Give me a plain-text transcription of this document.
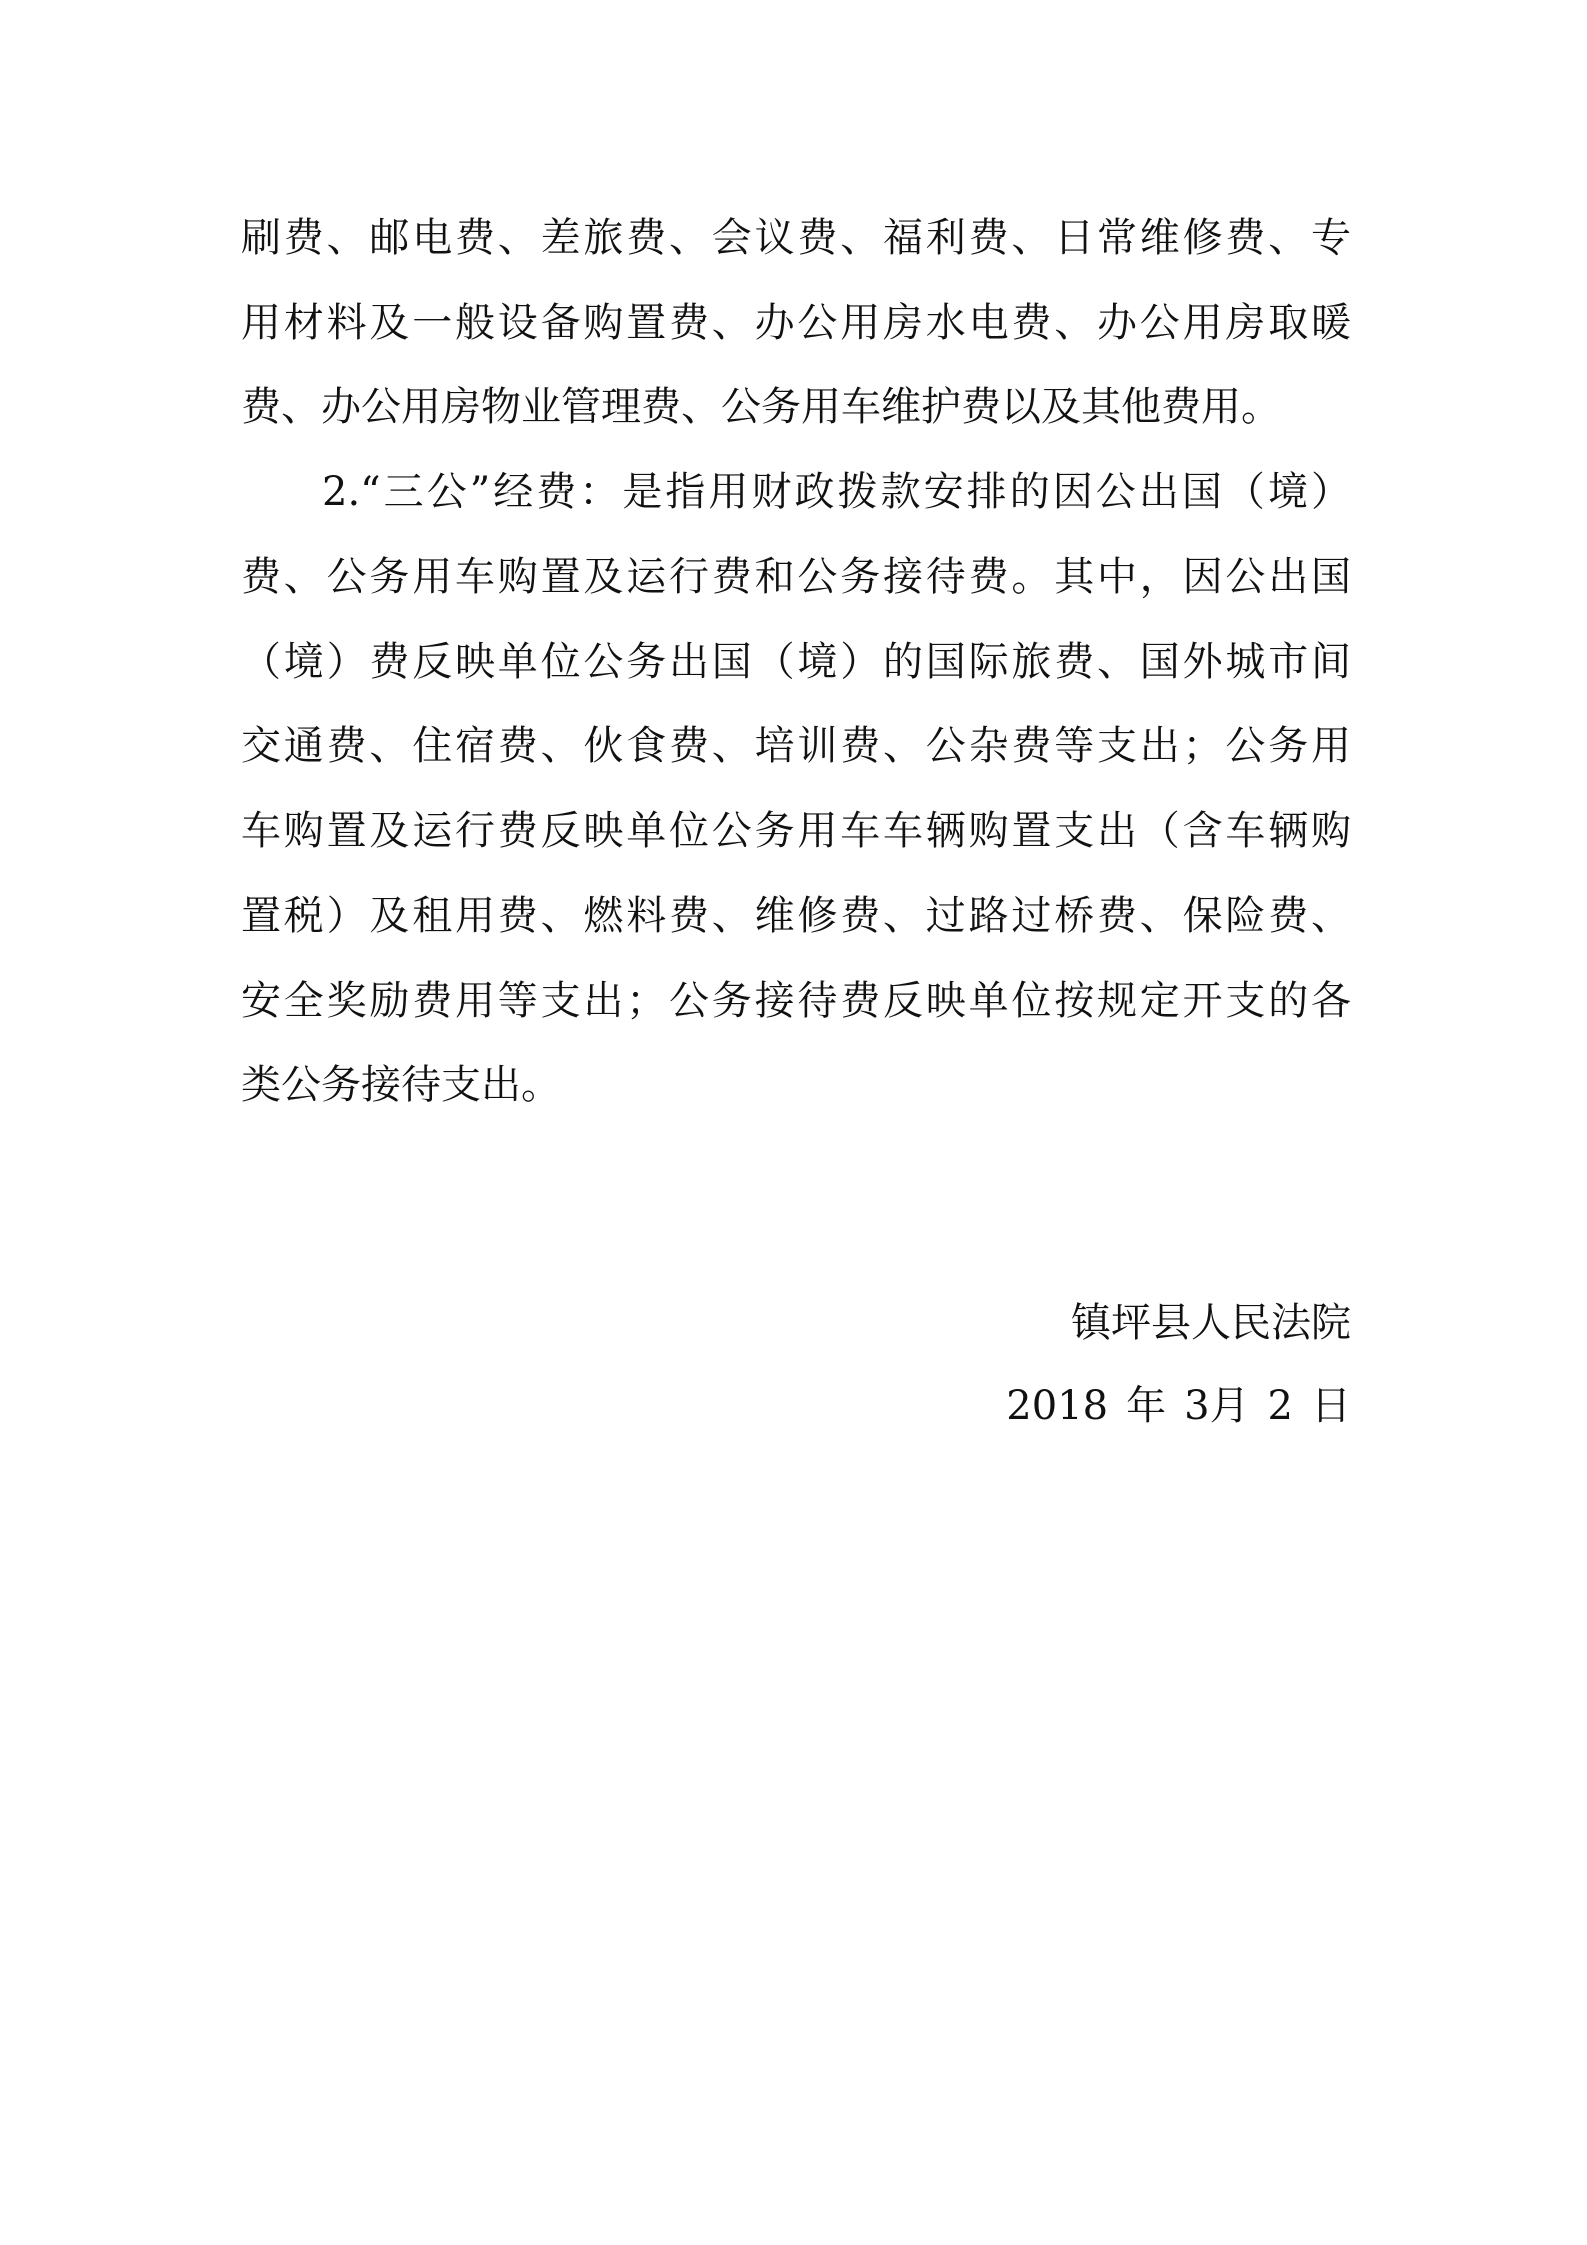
刷费、邮电费、差旅费、会议费、福利费、日常维修费、专
用材料及一般设备购置费、办公用房水电费、办公用房取暖
费、办公用房物业管理费、公务用车维护费以及其他费用。
2.“三公”经费：是指用财政拨款安排的因公出国（境）
费、公务用车购置及运行费和公务接待费。其中，因公出国
（境）费反映单位公务出国（境）的国际旅费、国外城市间
交通费、住宿费、伙食费、培训费、公杂费等支出；公务用
车购置及运行费反映单位公务用车车辆购置支出（含车辆购
置税）及租用费、燃料费、维修费、过路过桥费、保险费、
安全奖励费用等支出；公务接待费反映单位按规定开支的各
类公务接待支出。
镇坪县人民法院
2018 年 3月 2 日
